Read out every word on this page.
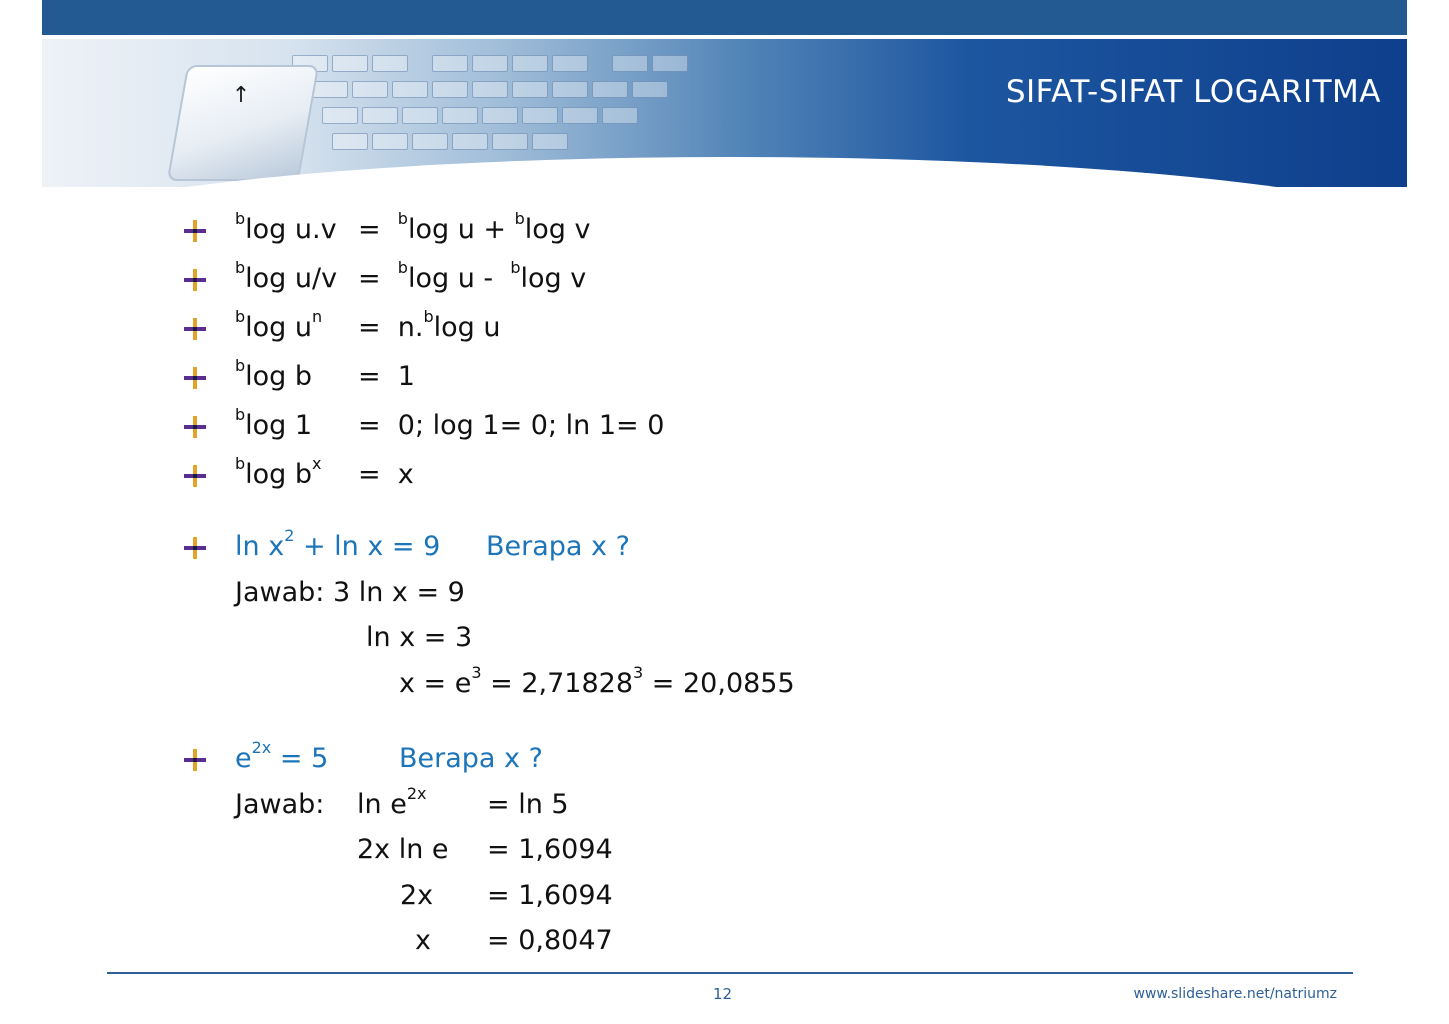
↑	SIFAT-SIFAT LOGARITMA
$^b$log u.v =  $^b$log u + $^b$log v
$^b$log u/v =  $^b$log u -  $^b$log v
$^b$log $u^n = n.^b\log$ u
$^b$log b =  1
$^b$log 1 =  0; log 1= 0; ln 1= 0
$^b$log $b^x = x$
$\ln x^2 + \ln x = 9$ Berapa x ?
Jawab: 3 ln x = 9
ln x = 3
$x = e^3 = 2,71828^3 = 20,0855$
$e^{2x} = 5$	Berapa x ?
Jawab: $\ln e^{2x} = \ln 5$
2x ln e = 1,6094
2x = 1,6094
x = 0,8047
12	www.slideshare.net/natriumz
